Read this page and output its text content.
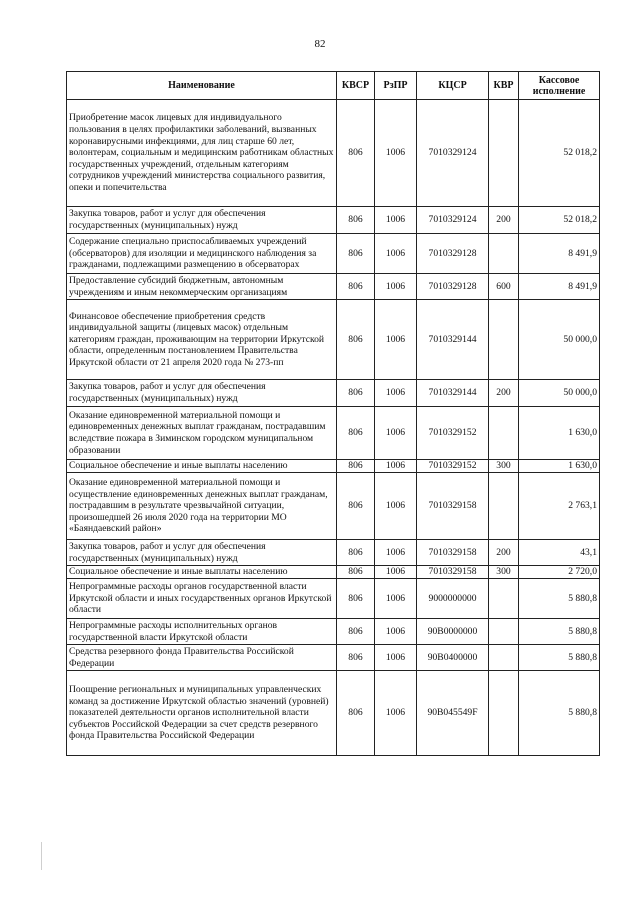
82
Наименование	КВСР	РзПР	КЦСР	КВР	Кассовое исполнение
Приобретение масок лицевых для индивидуального пользования в целях профилактики заболеваний, вызванных коронавирусными инфекциями, для лиц старше 60 лет, волонтерам, социальным и медицинским работникам областных государственных учреждений, отдельным категориям сотрудников учреждений министерства социального развития, опеки и попечительства	806	1006	7010329124		52 018,2
Закупка товаров, работ и услуг для обеспечения государственных (муниципальных) нужд	806	1006	7010329124	200	52 018,2
Содержание специально приспосабливаемых учреждений (обсерваторов) для изоляции и медицинского наблюдения за гражданами, подлежащими размещению в обсерваторах	806	1006	7010329128		8 491,9
Предоставление субсидий бюджетным, автономным учреждениям и иным некоммерческим организациям	806	1006	7010329128	600	8 491,9
Финансовое обеспечение приобретения средств индивидуальной защиты (лицевых масок) отдельным категориям граждан, проживающим на территории Иркутской области, определенным постановлением Правительства Иркутской области от 21 апреля 2020 года № 273-пп	806	1006	7010329144		50 000,0
Закупка товаров, работ и услуг для обеспечения государственных (муниципальных) нужд	806	1006	7010329144	200	50 000,0
Оказание единовременной материальной помощи и единовременных денежных выплат гражданам, пострадавшим вследствие пожара в Зиминском городском муниципальном образовании	806	1006	7010329152		1 630,0
Социальное обеспечение и иные выплаты населению	806	1006	7010329152	300	1 630,0
Оказание единовременной материальной помощи и осуществление единовременных денежных выплат гражданам, пострадавшим в результате чрезвычайной ситуации, произошедшей 26 июля 2020 года на территории МО «Баяндаевский район»	806	1006	7010329158		2 763,1
Закупка товаров, работ и услуг для обеспечения государственных (муниципальных) нужд	806	1006	7010329158	200	43,1
Социальное обеспечение и иные выплаты населению	806	1006	7010329158	300	2 720,0
Непрограммные расходы органов государственной власти Иркутской области и иных государственных органов Иркутской области	806	1006	9000000000		5 880,8
Непрограммные расходы исполнительных органов государственной власти Иркутской области	806	1006	90В0000000		5 880,8
Средства резервного фонда Правительства Российской Федерации	806	1006	90В0400000		5 880,8
Поощрение региональных и муниципальных управленческих команд за достижение Иркутской областью значений (уровней) показателей деятельности органов исполнительной власти субъектов Российской Федерации за счет средств резервного фонда Правительства Российской Федерации	806	1006	90В045549F		5 880,8
